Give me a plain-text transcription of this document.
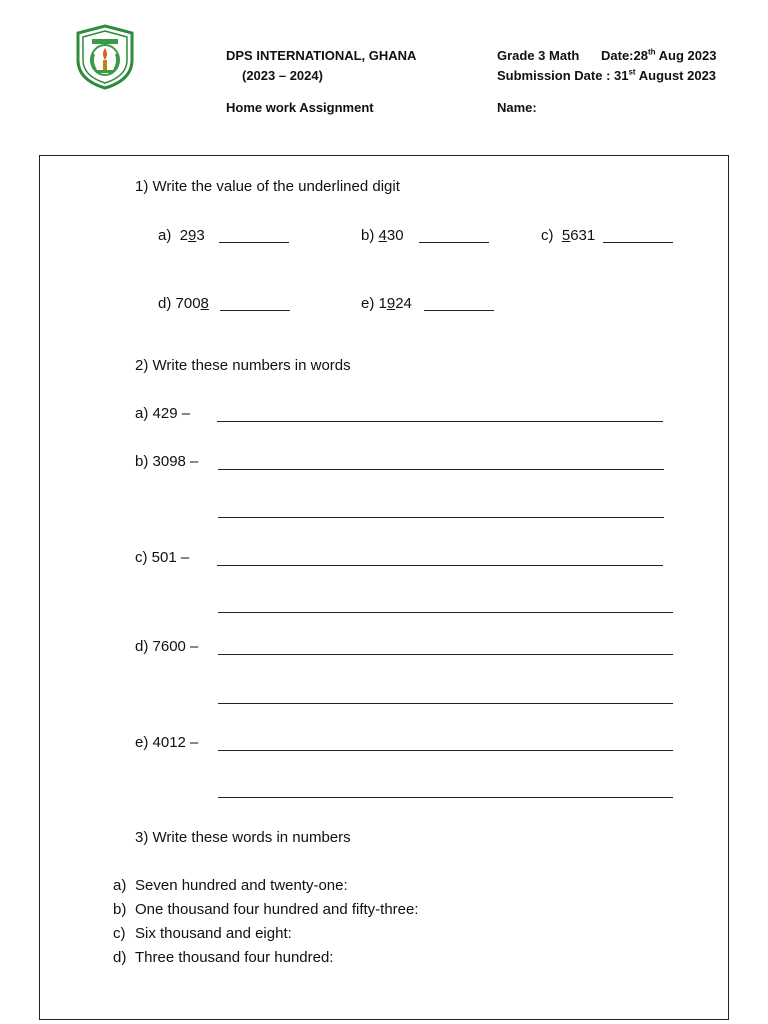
DPS INTERNATIONAL, GHANA
(2023 – 2024)
Home work Assignment
Grade 3 Math Date:28th Aug 2023
Submission Date : 31st August 2023
Name:
1) Write the value of the underlined digit
a) 293	b) 430	c) 5631
d) 7008	e) 1924
2) Write these numbers in words
a) 429 –
b) 3098 –
c) 501 –
d) 7600 –
e) 4012 –
3) Write these words in numbers
a) Seven hundred and twenty-one:
b) One thousand four hundred and fifty-three:
c) Six thousand and eight:
d) Three thousand four hundred:
